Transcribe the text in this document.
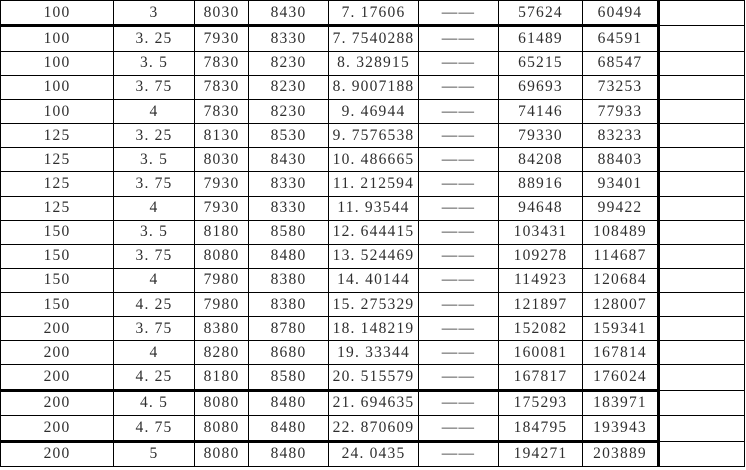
100	3	8030	8430	7. 17606	——	57624	60494	
100	3. 25	7930	8330	7. 7540288	——	61489	64591	
100	3. 5	7830	8230	8. 328915	——	65215	68547	
100	3. 75	7830	8230	8. 9007188	——	69693	73253	
100	4	7830	8230	9. 46944	——	74146	77933	
125	3. 25	8130	8530	9. 7576538	——	79330	83233	
125	3. 5	8030	8430	10. 486665	——	84208	88403	
125	3. 75	7930	8330	11. 212594	——	88916	93401	
125	4	7930	8330	11. 93544	——	94648	99422	
150	3. 5	8180	8580	12. 644415	——	103431	108489	
150	3. 75	8080	8480	13. 524469	——	109278	114687	
150	4	7980	8380	14. 40144	——	114923	120684	
150	4. 25	7980	8380	15. 275329	——	121897	128007	
200	3. 75	8380	8780	18. 148219	——	152082	159341	
200	4	8280	8680	19. 33344	——	160081	167814	
200	4. 25	8180	8580	20. 515579	——	167817	176024	
200	4. 5	8080	8480	21. 694635	——	175293	183971	
200	4. 75	8080	8480	22. 870609	——	184795	193943	
200	5	8080	8480	24. 0435	——	194271	203889	
